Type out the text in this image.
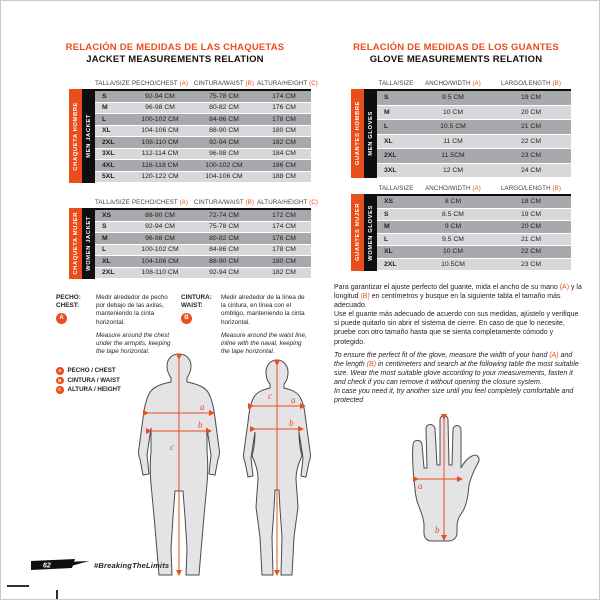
RELACIÓN DE MEDIDAS DE LAS CHAQUETAS
JACKET MEASUREMENTS RELATION
TALLA/SIZE PECHO/CHEST (A) CINTURA/WAIST (B) ALTURA/HEIGHT (C)
CHAQUETA HOMBRE MEN JACKET
S	92-94 CM	75-78 CM	174 CM
M	96-98 CM	80-82 CM	176 CM
L	100-102 CM	84-86 CM	178 CM
XL	104-106 CM	88-90 CM	180 CM
2XL	108-110 CM	92-94 CM	182 CM
3XL	112-114 CM	96-98 CM	184 CM
4XL	116-118 CM	100-102 CM	186 CM
5XL	120-122 CM	104-106 CM	188 CM
TALLA/SIZE PECHO/CHEST (A) CINTURA/WAIST (B) ALTURA/HEIGHT (C)
CHAQUETA MUJER WOMEN JACKET
XS	88-90 CM	72-74 CM	172 CM
S	92-94 CM	75-78 CM	174 CM
M	96-98 CM	80-82 CM	176 CM
L	100-102 CM	84-86 CM	178 CM
XL	104-106 CM	88-90 CM	180 CM
2XL	108-110 CM	92-94 CM	182 CM
PECHO:
CHEST:
A
Medir alrededor de pecho por debajo de las axilas, manteniendo la cinta horizontal.
Measure around the chest under the armpits, keeping the tape horizontal.
CINTURA:
WAIST:
B
Medir alrededor de la línea de la cintura, en línea con el ombligo, manteniendo la cinta horizontal.
Measure around the waist line, inline with the naval, keeping the tape horizontal.
A PECHO / CHEST
B CINTURA / WAIST
C ALTURA / HEIGHT
c
a
b
c a
b
RELACIÓN DE MEDIDAS DE LOS GUANTES
GLOVE MEASUREMENTS RELATION
TALLA/SIZE	ANCHO/WIDTH (A)	LARGO/LENGTH (B)
GUANTES HOMBRE MEN GLOVES
S	9.5 CM	19 CM
M	10 CM	20 CM
L	10.5 CM	21 CM
XL	11 CM	22 CM
2XL	11.5CM	23 CM
3XL	12 CM	24 CM
TALLA/SIZE	ANCHO/WIDTH (A)	LARGO/LENGTH (B)
GUANTES MUJER WOMEN GLOVES
XS	8 CM	18 CM
S	8.5 CM	19 CM
M	9 CM	20 CM
L	9.5 CM	21 CM
XL	10 CM	22 CM
2XL	10.5CM	23 CM
Para garantizar el ajuste perfecto del guante, mida el ancho de su mano (A) y la longitud (B) en centímetros y busque en la siguiente tabla el tamaño más adecuado.
Use el guante más adecuado de acuerdo con sus medidas, ajústelo y verifique si puede quitarlo sin abrir el sistema de cierre. En caso de que lo necesite, pruebe con otro tamaño hasta que se sienta completamente cómodo y protegido.
To ensure the perfect fit of the glove, measure the width of your hand (A) and the length (B) in centimeters and search at the following table the most suitable size. Wear the most suitable glove according to your measurements, fasten it and check if you can remove it without opening the closure system.
In case you need it, try another size until you feel completely comfortable and protected
a
b
62	#BreakingTheLimits
